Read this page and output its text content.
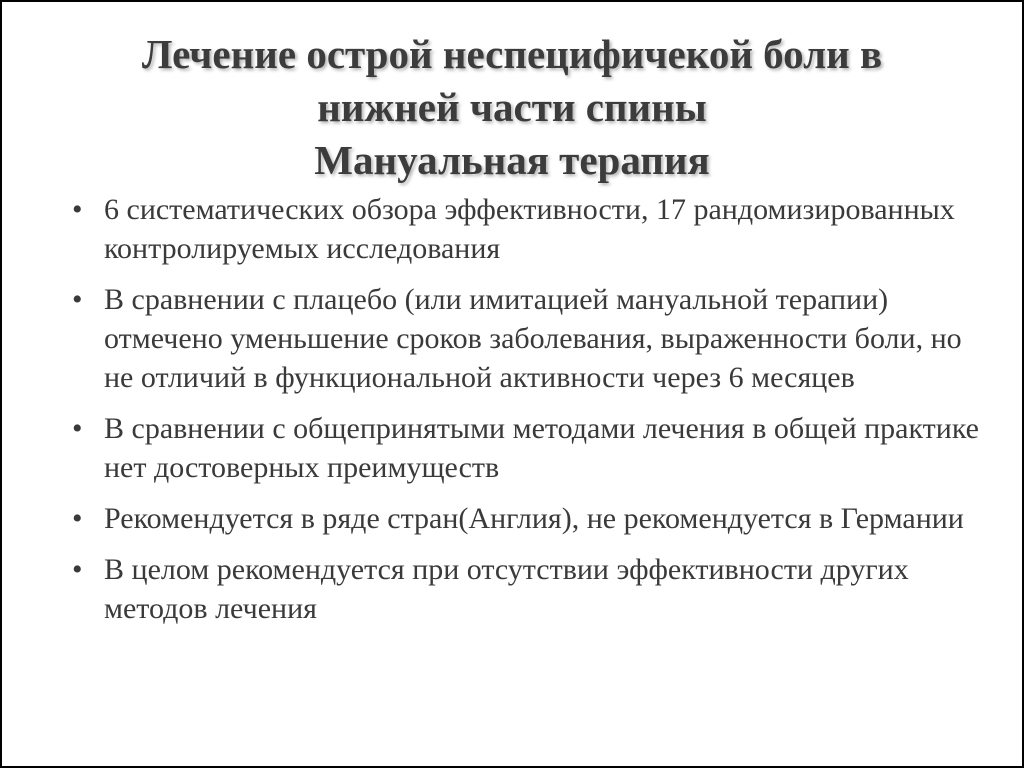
Лечение острой неспецифичекой боли в
нижней части спины
Мануальная терапия
• 6 систематических обзора эффективности, 17 рандомизированных контролируемых исследования
• В сравнении с плацебо (или имитацией мануальной терапии) отмечено уменьшение сроков заболевания, выраженности боли, но не отличий в функциональной активности через 6 месяцев
• В сравнении с общепринятыми методами лечения в общей практике нет достоверных преимуществ
• Рекомендуется в ряде стран(Англия), не рекомендуется в Германии
• В целом рекомендуется при отсутствии эффективности других методов лечения
